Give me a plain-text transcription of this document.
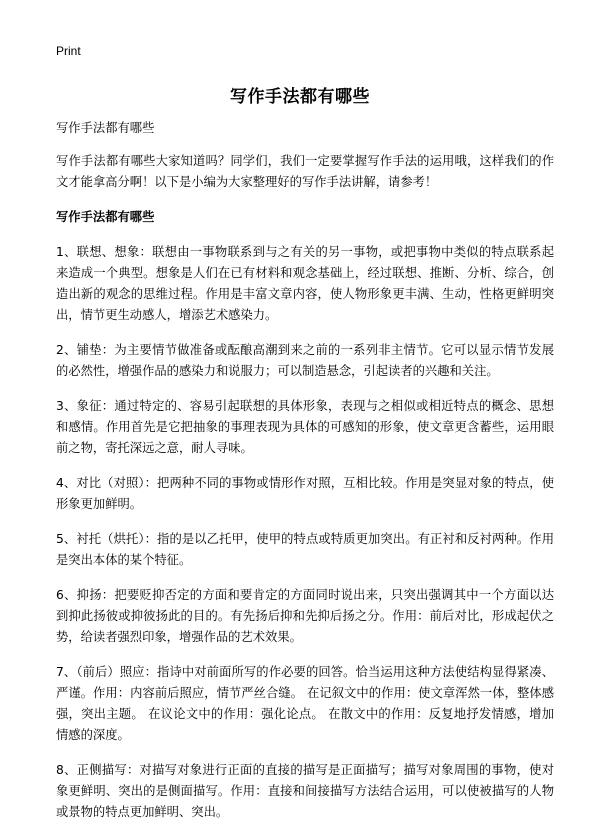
Print
写作手法都有哪些

写作手法都有哪些

写作手法都有哪些大家知道吗？同学们，我们一定要掌握写作手法的运用哦，这样我们的作文才能拿高分啊！以下是小编为大家整理好的写作手法讲解，请参考！

写作手法都有哪些

1、联想、想象：联想由一事物联系到与之有关的另一事物，或把事物中类似的特点联系起来造成一个典型。想象是人们在已有材料和观念基础上，经过联想、推断、分析、综合，创造出新的观念的思维过程。作用是丰富文章内容，使人物形象更丰满、生动，性格更鲜明突出，情节更生动感人，增添艺术感染力。

2、铺垫：为主要情节做准备或酝酿高潮到来之前的一系列非主情节。它可以显示情节发展的必然性，增强作品的感染力和说服力；可以制造悬念，引起读者的兴趣和关注。

3、象征：通过特定的、容易引起联想的具体形象，表现与之相似或相近特点的概念、思想和感情。作用首先是它把抽象的事理表现为具体的可感知的形象，使文章更含蓄些，运用眼前之物，寄托深远之意，耐人寻味。

4、对比（对照）：把两种不同的事物或情形作对照，互相比较。作用是突显对象的特点，使形象更加鲜明。

5、衬托（烘托）：指的是以乙托甲，使甲的特点或特质更加突出。有正衬和反衬两种。作用是突出本体的某个特征。

6、抑扬：把要贬抑否定的方面和要肯定的方面同时说出来，只突出强调其中一个方面以达到抑此扬彼或抑彼扬此的目的。有先扬后抑和先抑后扬之分。作用：前后对比，形成起伏之势，给读者强烈印象，增强作品的艺术效果。

7、（前后）照应：指诗中对前面所写的作必要的回答。恰当运用这种方法使结构显得紧凑、严谨。作用：内容前后照应，情节严丝合缝。 在记叙文中的作用：使文章浑然一体，整体感强，突出主题。 在议论文中的作用：强化论点。 在散文中的作用：反复地抒发情感，增加情感的深度。

8、正侧描写：对描写对象进行正面的直接的描写是正面描写；描写对象周围的事物，使对象更鲜明、突出的是侧面描写。作用：直接和间接描写方法结合运用，可以使被描写的人物或景物的特点更加鲜明、突出。
